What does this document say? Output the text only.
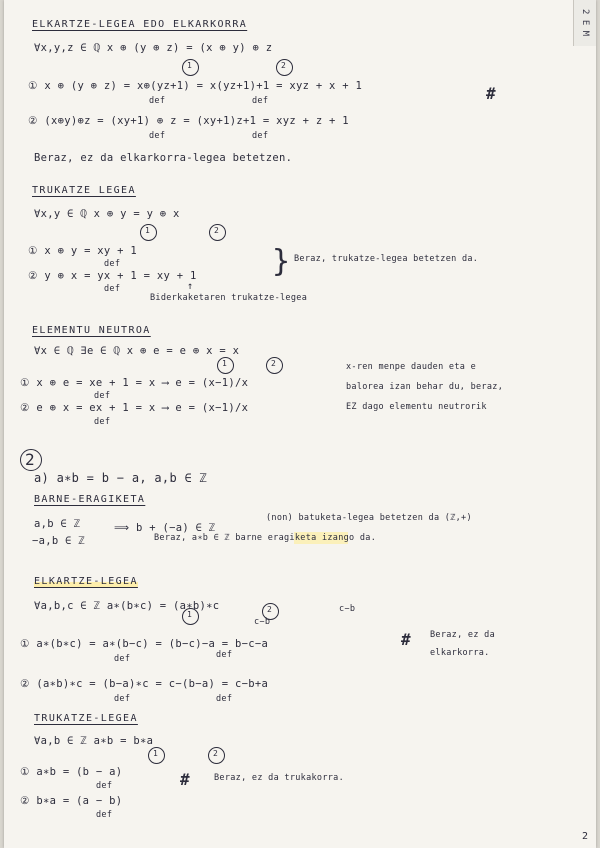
2 E M
ELKARTZE-LEGEA EDO ELKARKORRA
∀x,y,z ∈ ℚ x ⊕ (y ⊕ z) = (x ⊕ y) ⊕ z
1	2
① x ⊕ (y ⊕ z) = x⊕(yz+1) = x(yz+1)+1 = xyz + x + 1
def	def	#
② (x⊕y)⊕z = (xy+1) ⊕ z = (xy+1)z+1 = xyz + z + 1
def	def
Beraz, ez da elkarkorra-legea betetzen.
TRUKATZE LEGEA
∀x,y ∈ ℚ x ⊕ y = y ⊕ x
1	2
① x ⊕ y = xy + 1
def
② y ⊕ x = yx + 1 = xy + 1
def	↑
} Beraz, trukatze-legea betetzen da.
Biderkaketaren trukatze-legea
ELEMENTU NEUTROA
∀x ∈ ℚ ∃e ∈ ℚ x ⊕ e = e ⊕ x = x
1	2
① x ⊕ e = xe + 1 = x ⟶ e = (x−1)/x
def
② e ⊕ x = ex + 1 = x ⟶ e = (x−1)/x
def
x-ren menpe dauden eta e
balorea izan behar du, beraz,
EZ dago elementu neutrorik
2
a) a∗b = b − a, a,b ∈ ℤ
BARNE-ERAGIKETA
a,b ∈ ℤ
−a,b ∈ ℤ
⟹ b + (−a) ∈ ℤ
(non) batuketa-legea betetzen da (ℤ,+)
Beraz, a∗b ∈ ℤ barne eragiketa izango da.
ELKARTZE-LEGEA
∀a,b,c ∈ ℤ a∗(b∗c) = (a∗b)∗c
1
2
c−b
c−b
① a∗(b∗c) = a∗(b−c) = (b−c)−a = b−c−a
def	def
# Beraz, ez da
elkarkorra.
② (a∗b)∗c = (b−a)∗c = c−(b−a) = c−b+a
def	def
TRUKATZE-LEGEA
∀a,b ∈ ℤ a∗b = b∗a
1	2
① a∗b = (b − a)
def	#	Beraz, ez da trukakorra.
② b∗a = (a − b)
def
2
